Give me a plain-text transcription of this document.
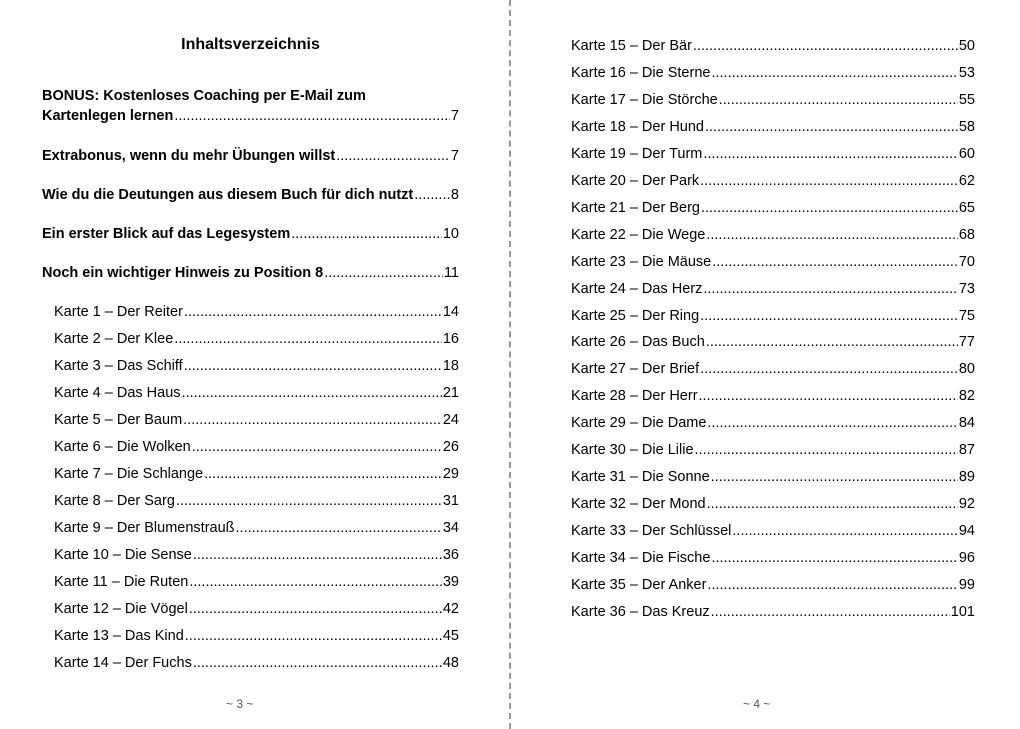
Inhaltsverzeichnis
BONUS: Kostenloses Coaching per E-Mail zum
Kartenlegen lernen .....	7
Extrabonus, wenn du mehr Übungen willst .....	7
Wie du die Deutungen aus diesem Buch für dich nutzt .....	8
Ein erster Blick auf das Legesystem .....	10
Noch ein wichtiger Hinweis zu Position 8 .....	11
Karte 1 – Der Reiter .....	14
Karte 2 – Der Klee .....	16
Karte 3 – Das Schiff .....	18
Karte 4 – Das Haus .....	21
Karte 5 – Der Baum .....	24
Karte 6 – Die Wolken .....	26
Karte 7 – Die Schlange .....	29
Karte 8 – Der Sarg .....	31
Karte 9 – Der Blumenstrauß .....	34
Karte 10 – Die Sense .....	36
Karte 11 – Die Ruten .....	39
Karte 12 – Die Vögel .....	42
Karte 13 – Das Kind .....	45
Karte 14 – Der Fuchs .....	48
~ 3 ~
Karte 15 – Der Bär .....	50
Karte 16 – Die Sterne .....	53
Karte 17 – Die Störche .....	55
Karte 18 – Der Hund .....	58
Karte 19 – Der Turm .....	60
Karte 20 – Der Park .....	62
Karte 21 – Der Berg .....	65
Karte 22 – Die Wege .....	68
Karte 23 – Die Mäuse .....	70
Karte 24 – Das Herz .....	73
Karte 25 – Der Ring .....	75
Karte 26 – Das Buch .....	77
Karte 27 – Der Brief .....	80
Karte 28 – Der Herr .....	82
Karte 29 – Die Dame .....	84
Karte 30 – Die Lilie .....	87
Karte 31 – Die Sonne .....	89
Karte 32 – Der Mond .....	92
Karte 33 – Der Schlüssel .....	94
Karte 34 – Die Fische .....	96
Karte 35 – Der Anker .....	99
Karte 36 – Das Kreuz .....	101
~ 4 ~
